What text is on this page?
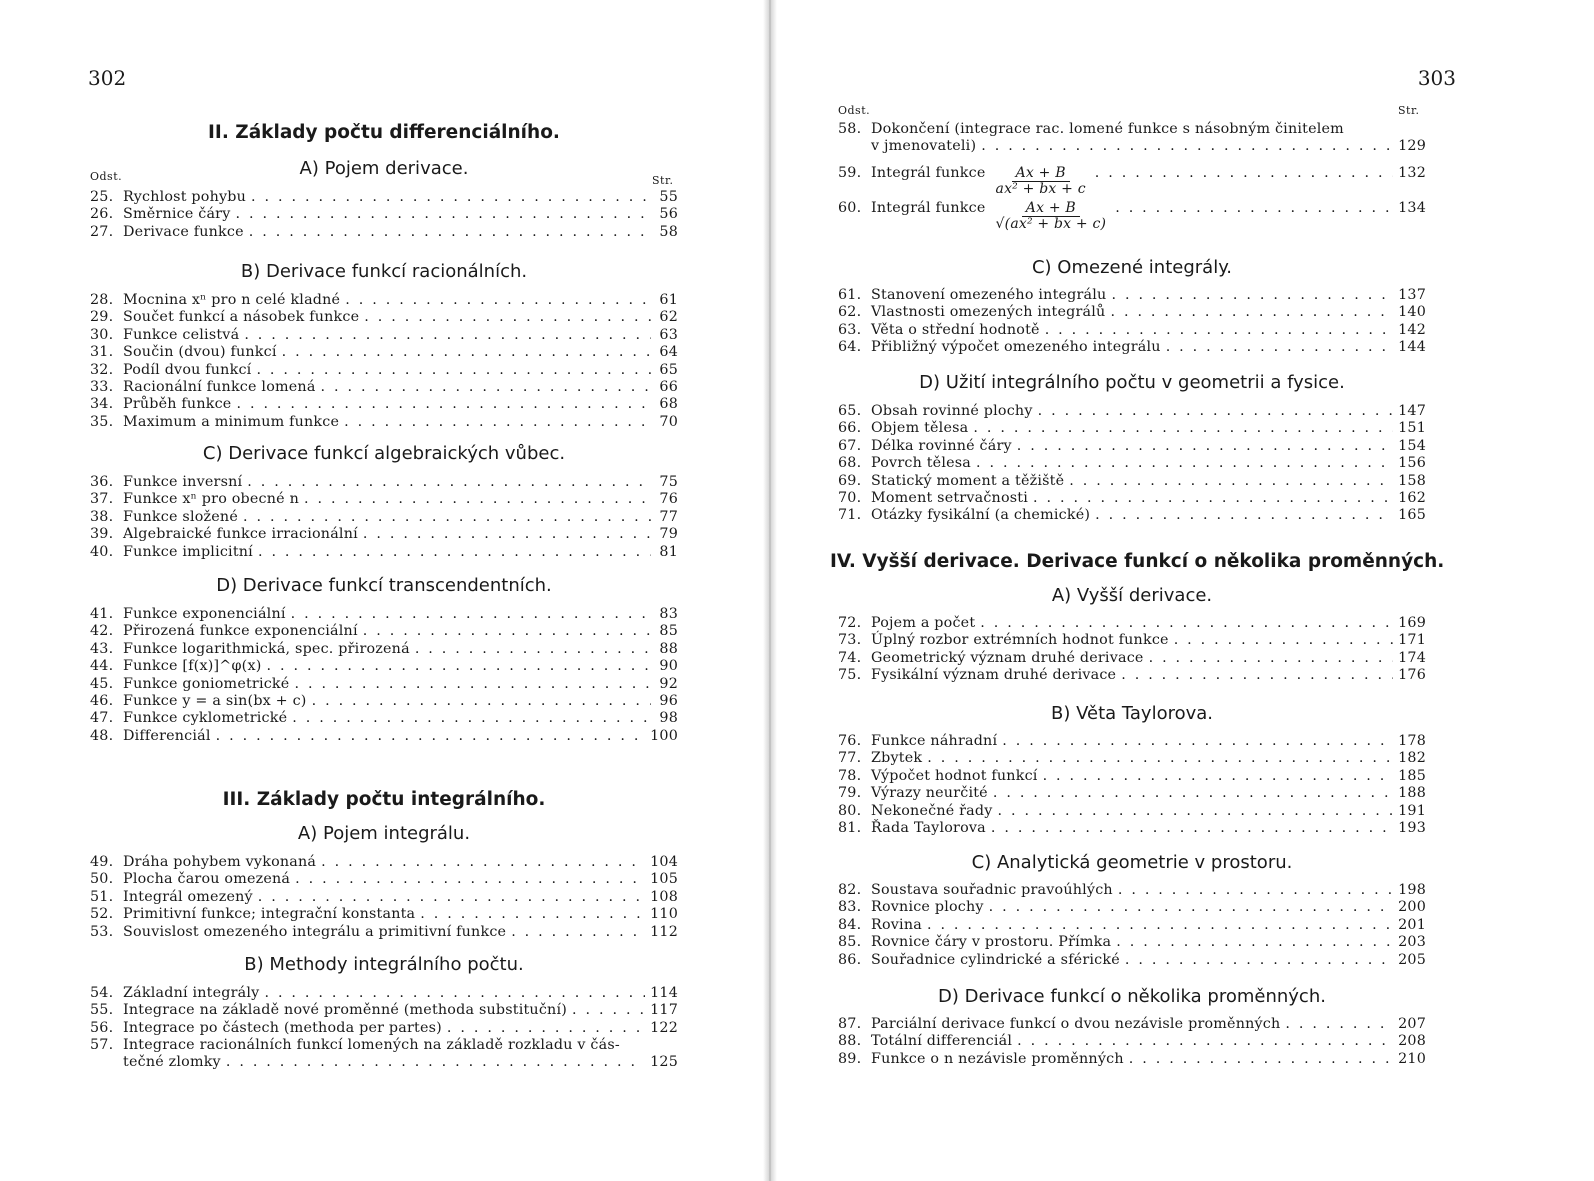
302
II. Základy počtu differenciálního.
Odst.	Str.
A) Pojem derivace.
25. Rychlost pohybu . . .	55
26. Směrnice čáry . . .	56
27. Derivace funkce . . .	58
B) Derivace funkcí racionálních.
28. Mocnina xⁿ pro n celé kladné . . .	61
29. Součet funkcí a násobek funkce . . .	62
30. Funkce celistvá . . .	63
31. Součin (dvou) funkcí . . .	64
32. Podíl dvou funkcí . . .	65
33. Racionální funkce lomená . . .	66
34. Průběh funkce . . .	68
35. Maximum a minimum funkce . . .	70
C) Derivace funkcí algebraických vůbec.
36. Funkce inversní . . .	75
37. Funkce xⁿ pro obecné n . . .	76
38. Funkce složené . . .	77
39. Algebraické funkce irracionální . . .	79
40. Funkce implicitní . . .	81
D) Derivace funkcí transcendentních.
41. Funkce exponenciální . . .	83
42. Přirozená funkce exponenciální . . .	85
43. Funkce logarithmická, spec. přirozená . . .	88
44. Funkce [f(x)]^φ(x) . . .	90
45. Funkce goniometrické . . .	92
46. Funkce y = a sin(bx + c) . . .	96
47. Funkce cyklometrické . . .	98
48. Differenciál . . .	100
III. Základy počtu integrálního.
A) Pojem integrálu.
49. Dráha pohybem vykonaná . . .	104
50. Plocha čarou omezená . . .	105
51. Integrál omezený . . .	108
52. Primitivní funkce; integrační konstanta . . .	110
53. Souvislost omezeného integrálu a primitivní funkce . . .	112
B) Methody integrálního počtu.
54. Základní integrály . . .	114
55. Integrace na základě nové proměnné (methoda substituční) . . .	117
56. Integrace po částech (methoda per partes) . . .	122
57. Integrace racionálních funkcí lomených na základě rozkladu v čás-
tečné zlomky . . .	125
303
Odst.	Str.
58. Dokončení (integrace rac. lomené funkce s násobným činitelem
v jmenovateli) . . .	129
59. Integrál funkce $\frac{Ax + B}{\text{ax² + bx + c}}$ . . .	132
60. Integrál funkce $\frac{Ax + B}{\text{√(ax² + bx + c)}}$ . . .	134
C) Omezené integrály.
61. Stanovení omezeného integrálu . . .	137
62. Vlastnosti omezených integrálů . . .	140
63. Věta o střední hodnotě . . .	142
64. Přibližný výpočet omezeného integrálu . . .	144
D) Užití integrálního počtu v geometrii a fysice.
65. Obsah rovinné plochy . . .	147
66. Objem tělesa . . .	151
67. Délka rovinné čáry . . .	154
68. Povrch tělesa . . .	156
69. Statický moment a těžiště . . .	158
70. Moment setrvačnosti . . .	162
71. Otázky fysikální (a chemické) . . .	165
IV. Vyšší derivace. Derivace funkcí o několika proměnných.
A) Vyšší derivace.
72. Pojem a počet . . .	169
73. Úplný rozbor extrémních hodnot funkce . . .	171
74. Geometrický význam druhé derivace . . .	174
75. Fysikální význam druhé derivace . . .	176
B) Věta Taylorova.
76. Funkce náhradní . . .	178
77. Zbytek . . .	182
78. Výpočet hodnot funkcí . . .	185
79. Výrazy neurčité . . .	188
80. Nekonečné řady . . .	191
81. Řada Taylorova . . .	193
C) Analytická geometrie v prostoru.
82. Soustava souřadnic pravoúhlých . . .	198
83. Rovnice plochy . . .	200
84. Rovina . . .	201
85. Rovnice čáry v prostoru. Přímka . . .	203
86. Souřadnice cylindrické a sférické . . .	205
D) Derivace funkcí o několika proměnných.
87. Parciální derivace funkcí o dvou nezávisle proměnných . . .	207
88. Totální differenciál . . .	208
89. Funkce o n nezávisle proměnných . . .	210
